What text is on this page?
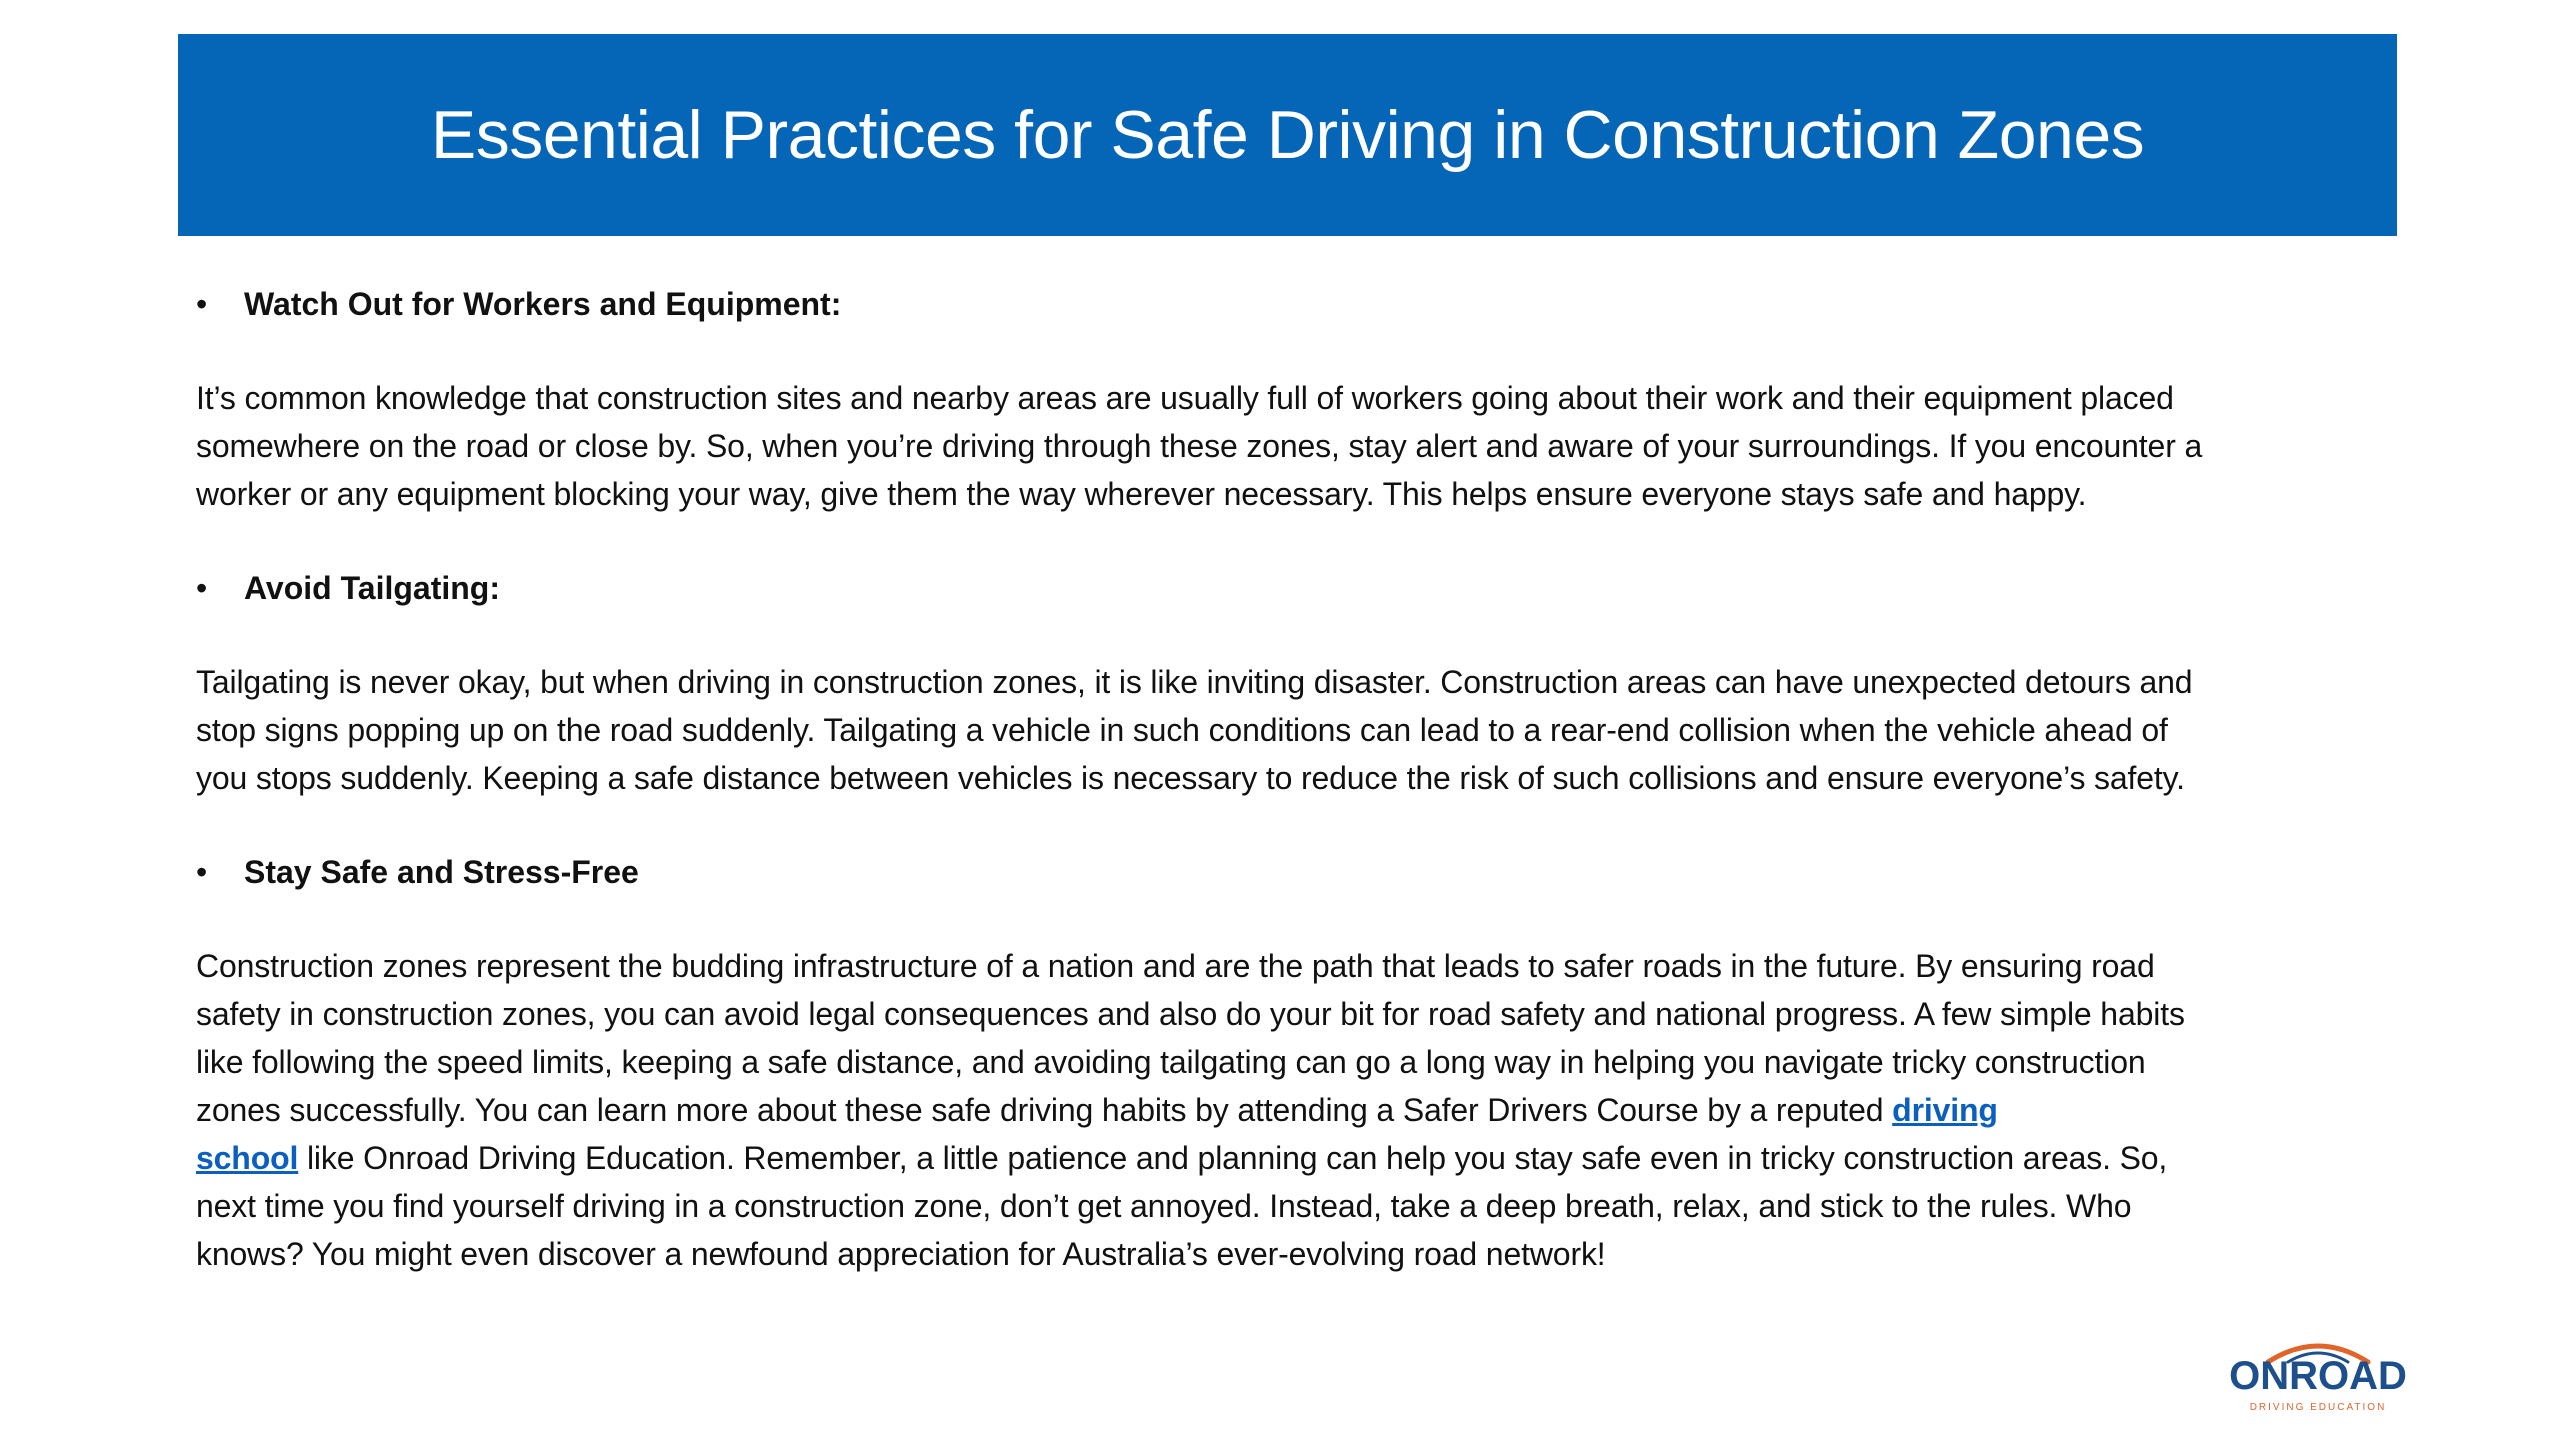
Essential Practices for Safe Driving in Construction Zones
• Watch Out for Workers and Equipment:

It’s common knowledge that construction sites and nearby areas are usually full of workers going about their work and their equipment placed
somewhere on the road or close by. So, when you’re driving through these zones, stay alert and aware of your surroundings. If you encounter a
worker or any equipment blocking your way, give them the way wherever necessary. This helps ensure everyone stays safe and happy.

• Avoid Tailgating:

Tailgating is never okay, but when driving in construction zones, it is like inviting disaster. Construction areas can have unexpected detours and
stop signs popping up on the road suddenly. Tailgating a vehicle in such conditions can lead to a rear-end collision when the vehicle ahead of
you stops suddenly. Keeping a safe distance between vehicles is necessary to reduce the risk of such collisions and ensure everyone’s safety.

• Stay Safe and Stress-Free

Construction zones represent the budding infrastructure of a nation and are the path that leads to safer roads in the future. By ensuring road
safety in construction zones, you can avoid legal consequences and also do your bit for road safety and national progress. A few simple habits
like following the speed limits, keeping a safe distance, and avoiding tailgating can go a long way in helping you navigate tricky construction
zones successfully. You can learn more about these safe driving habits by attending a Safer Drivers Course by a reputed driving
school like Onroad Driving Education. Remember, a little patience and planning can help you stay safe even in tricky construction areas. So,
next time you find yourself driving in a construction zone, don’t get annoyed. Instead, take a deep breath, relax, and stick to the rules. Who
knows? You might even discover a newfound appreciation for Australia’s ever-evolving road network!

ONROAD
DRIVING EDUCATION
